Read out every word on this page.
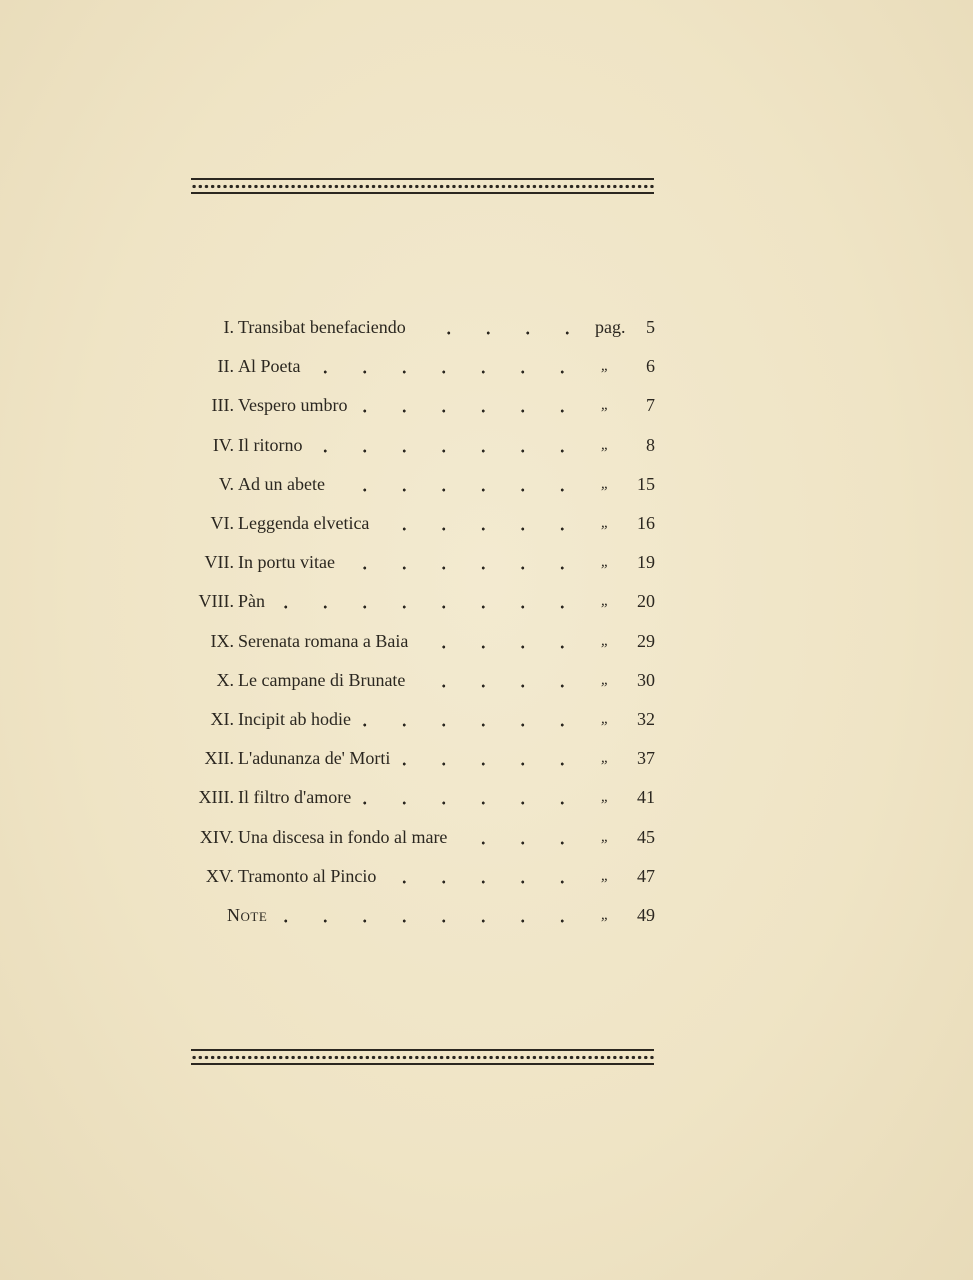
I. Transibat benefaciendo	pag. 5
II. Al Poeta	„	6
III. Vespero umbro	„	7
IV. Il ritorno	„	8
V. Ad un abete	„	15
VI. Leggenda elvetica	„	16
VII. In portu vitae	„	19
VIII. Pàn	„	20
IX. Serenata romana a Baia	„	29
X. Le campane di Brunate	„	30
XI. Incipit ab hodie	„	32
XII. L'adunanza de' Morti	„	37
XIII. Il filtro d'amore	„	41
XIV. Una discesa in fondo al mare	„	45
XV. Tramonto al Pincio	„	47
Note	„	49
